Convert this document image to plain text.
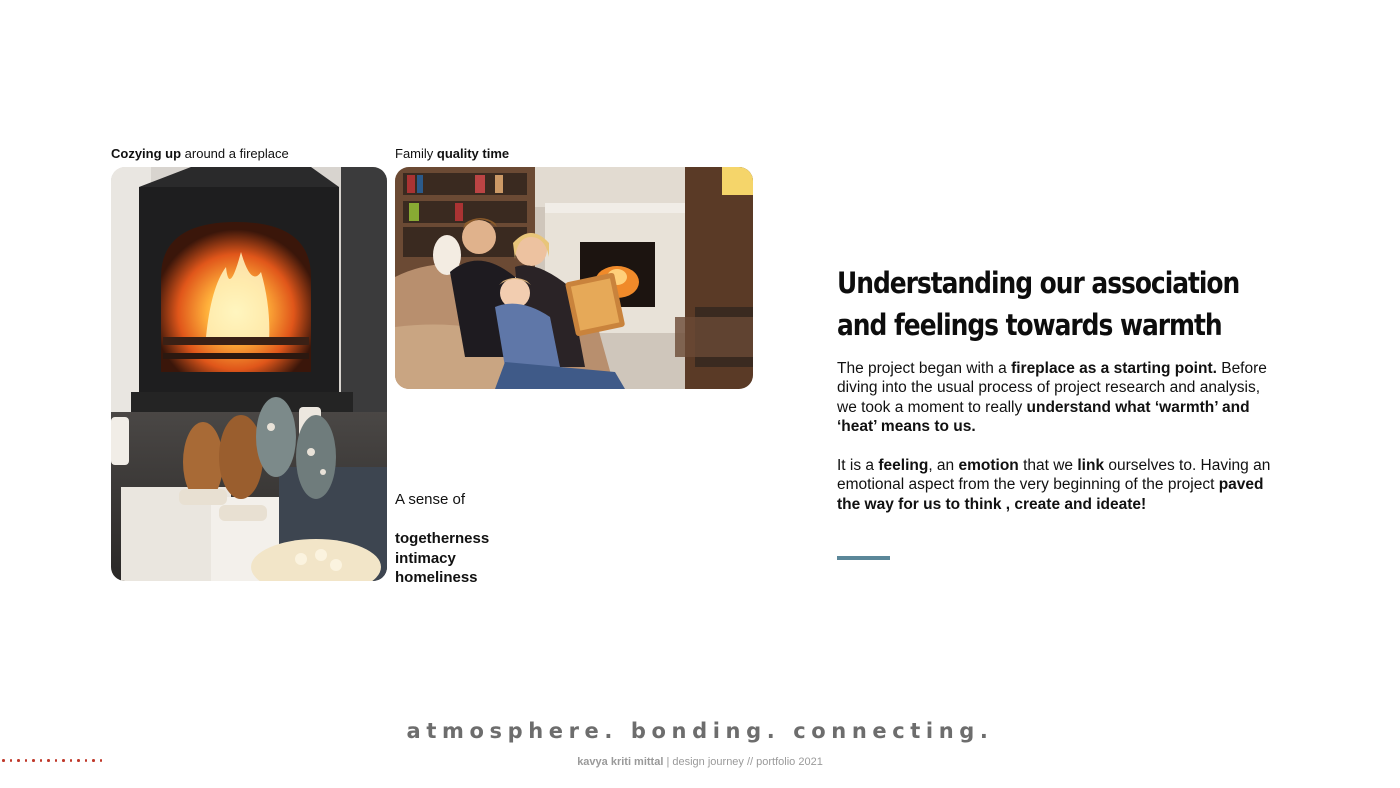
Cozying up around a fireplace	Family quality time
A sense of
togetherness
intimacy
homeliness
Understanding our association
and feelings towards warmth
The project began with a fireplace as a starting point. Before diving into the usual process of project research and analysis, we took a moment to really understand what ‘warmth’ and ‘heat’ means to us.
It is a feeling, an emotion that we link ourselves to. Having an emotional aspect from the very beginning of the project paved the way for us to think , create and ideate!
atmosphere. bonding. connecting.
kavya kriti mittal | design journey // portfolio 2021
